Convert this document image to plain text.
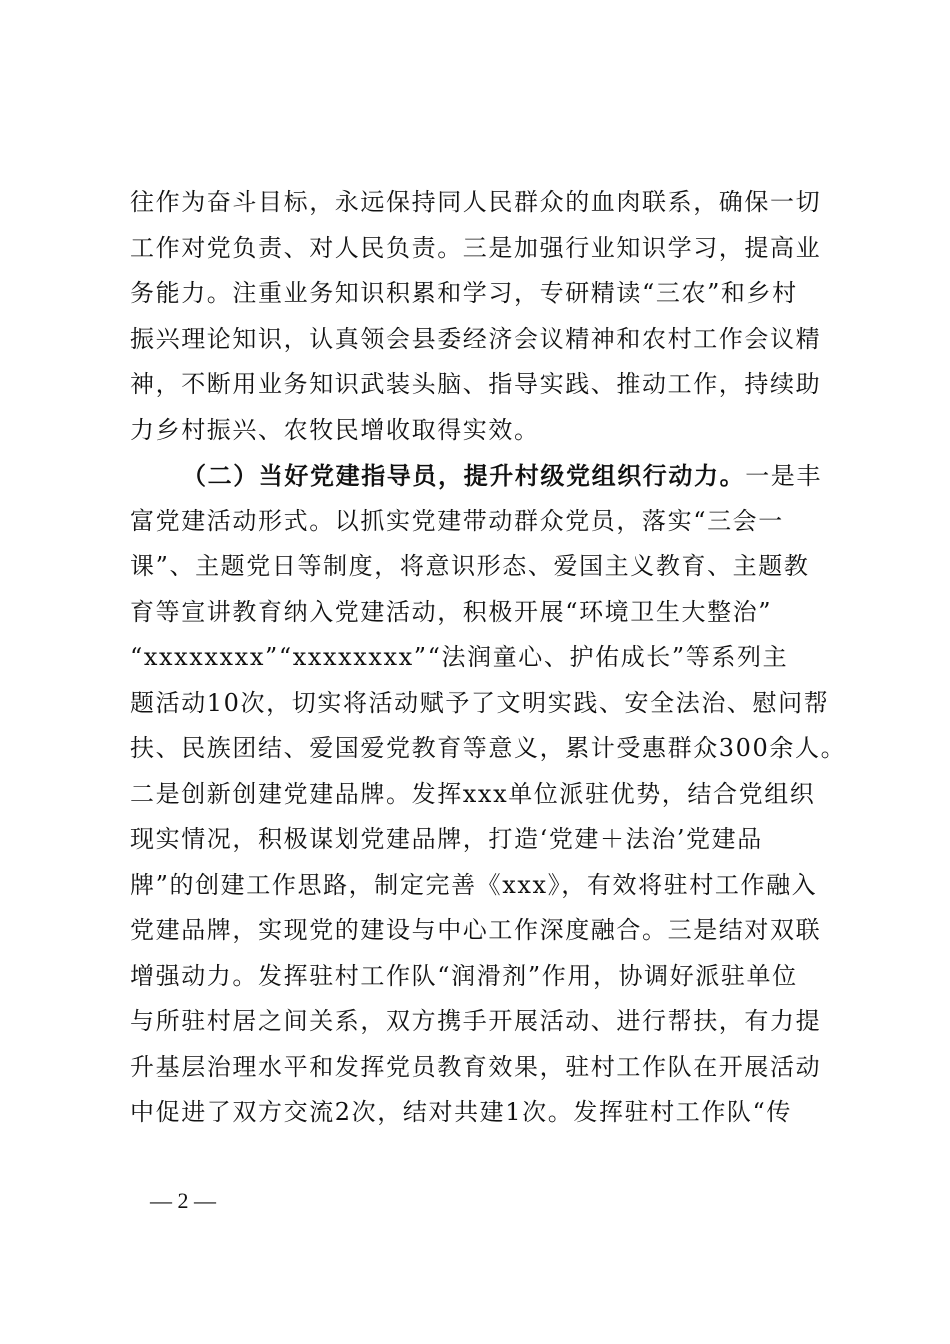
往作为奋斗目标，永远保持同人民群众的血肉联系，确保一切
工作对党负责、对人民负责。三是加强行业知识学习，提高业
务能力。注重业务知识积累和学习，专研精读“三农”和乡村
振兴理论知识，认真领会县委经济会议精神和农村工作会议精
神，不断用业务知识武装头脑、指导实践、推动工作，持续助
力乡村振兴、农牧民增收取得实效。
（二）当好党建指导员，提升村级党组织行动力。一是丰
富党建活动形式。以抓实党建带动群众党员，落实“三会一
课”、主题党日等制度，将意识形态、爱国主义教育、主题教
育等宣讲教育纳入党建活动，积极开展“环境卫生大整治”
“xxxxxxxx”“xxxxxxxx”“法润童心、护佑成长”等系列主
题活动10次，切实将活动赋予了文明实践、安全法治、慰问帮
扶、民族团结、爱国爱党教育等意义，累计受惠群众300余人。
二是创新创建党建品牌。发挥xxx单位派驻优势，结合党组织
现实情况，积极谋划党建品牌，打造‘党建＋法治’党建品
牌”的创建工作思路，制定完善《xxx》，有效将驻村工作融入
党建品牌，实现党的建设与中心工作深度融合。三是结对双联
增强动力。发挥驻村工作队“润滑剂”作用，协调好派驻单位
与所驻村居之间关系，双方携手开展活动、进行帮扶，有力提
升基层治理水平和发挥党员教育效果，驻村工作队在开展活动
中促进了双方交流2次，结对共建1次。发挥驻村工作队“传
— 2 —
